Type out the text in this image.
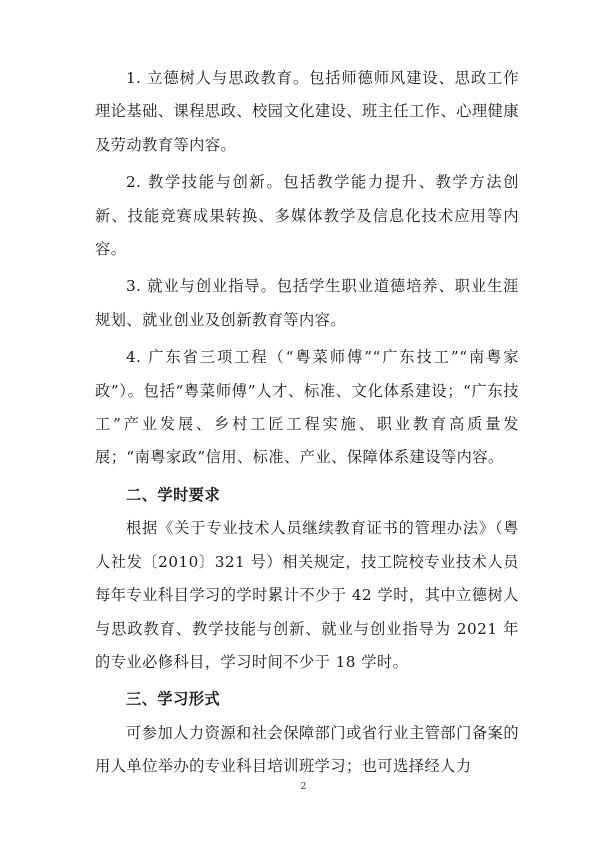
1. 立德树人与思政教育。包括师德师风建设、思政工作理论基础、课程思政、校园文化建设、班主任工作、心理健康及劳动教育等内容。

2. 教学技能与创新。包括教学能力提升、教学方法创新、技能竞赛成果转换、多媒体教学及信息化技术应用等内容。

3. 就业与创业指导。包括学生职业道德培养、职业生涯规划、就业创业及创新教育等内容。

4. 广东省三项工程（“粤菜师傅”“广东技工”“南粤家政”）。包括“粤菜师傅”人才、标准、文化体系建设；“广东技工”产业发展、乡村工匠工程实施、职业教育高质量发展；“南粤家政”信用、标准、产业、保障体系建设等内容。

二、学时要求

根据《关于专业技术人员继续教育证书的管理办法》（粤人社发〔2010〕321 号）相关规定，技工院校专业技术人员每年专业科目学习的学时累计不少于 42 学时，其中立德树人与思政教育、教学技能与创新、就业与创业指导为 2021 年的专业必修科目，学习时间不少于 18 学时。

三、学习形式

可参加人力资源和社会保障部门或省行业主管部门备案的用人单位举办的专业科目培训班学习；也可选择经人力

2
